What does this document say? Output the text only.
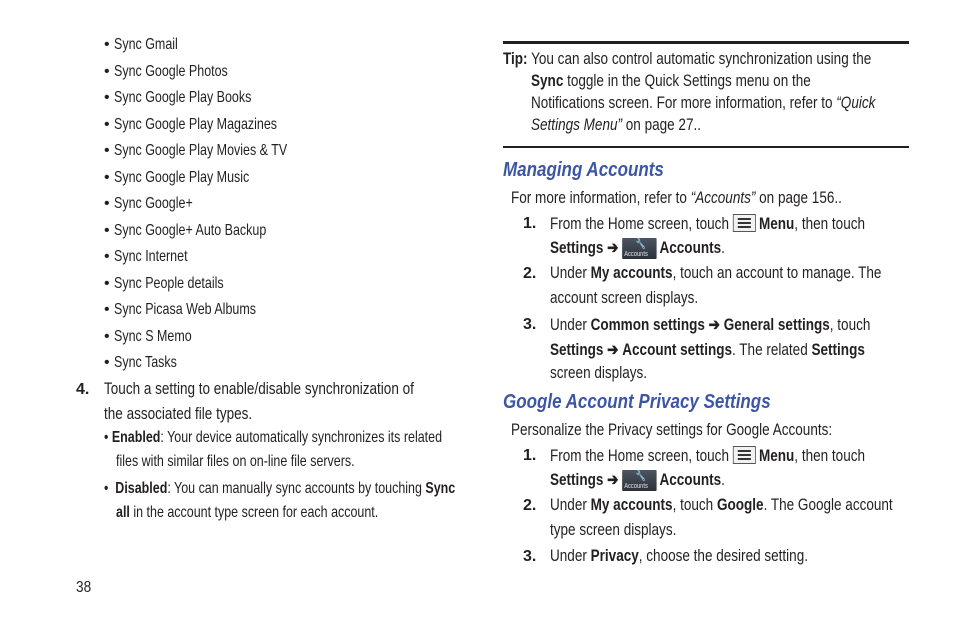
• Sync Gmail
• Sync Google Photos
• Sync Google Play Books
• Sync Google Play Magazines
• Sync Google Play Movies & TV
• Sync Google Play Music
• Sync Google+
• Sync Google+ Auto Backup
• Sync Internet
• Sync People details
• Sync Picasa Web Albums
• Sync S Memo
• Sync Tasks
4. Touch a setting to enable/disable synchronization of
the associated file types.
• Enabled: Your device automatically synchronizes its related
files with similar files on on-line file servers.
•  Disabled: You can manually sync accounts by touching Sync
all in the account type screen for each account.
38
Tip: You can also control automatic synchronization using the
Sync toggle in the Quick Settings menu on the
Notifications screen. For more information, refer to “Quick
Settings Menu” on page 27..
Managing Accounts
For more information, refer to “Accounts” on page 156..
1. From the Home screen, touch
Menu, then touch
Settings ➔ 🔧
Accounts Accounts.
2. Under My accounts, touch an account to manage. The
account screen displays.
3. Under Common settings ➔ General settings, touch
Settings ➔ Account settings. The related Settings
screen displays.
Google Account Privacy Settings
Personalize the Privacy settings for Google Accounts:
1. From the Home screen, touch
Menu, then touch
Settings ➔ 🔧
Accounts Accounts.
2. Under My accounts, touch Google. The Google account
type screen displays.
3. Under Privacy, choose the desired setting.
